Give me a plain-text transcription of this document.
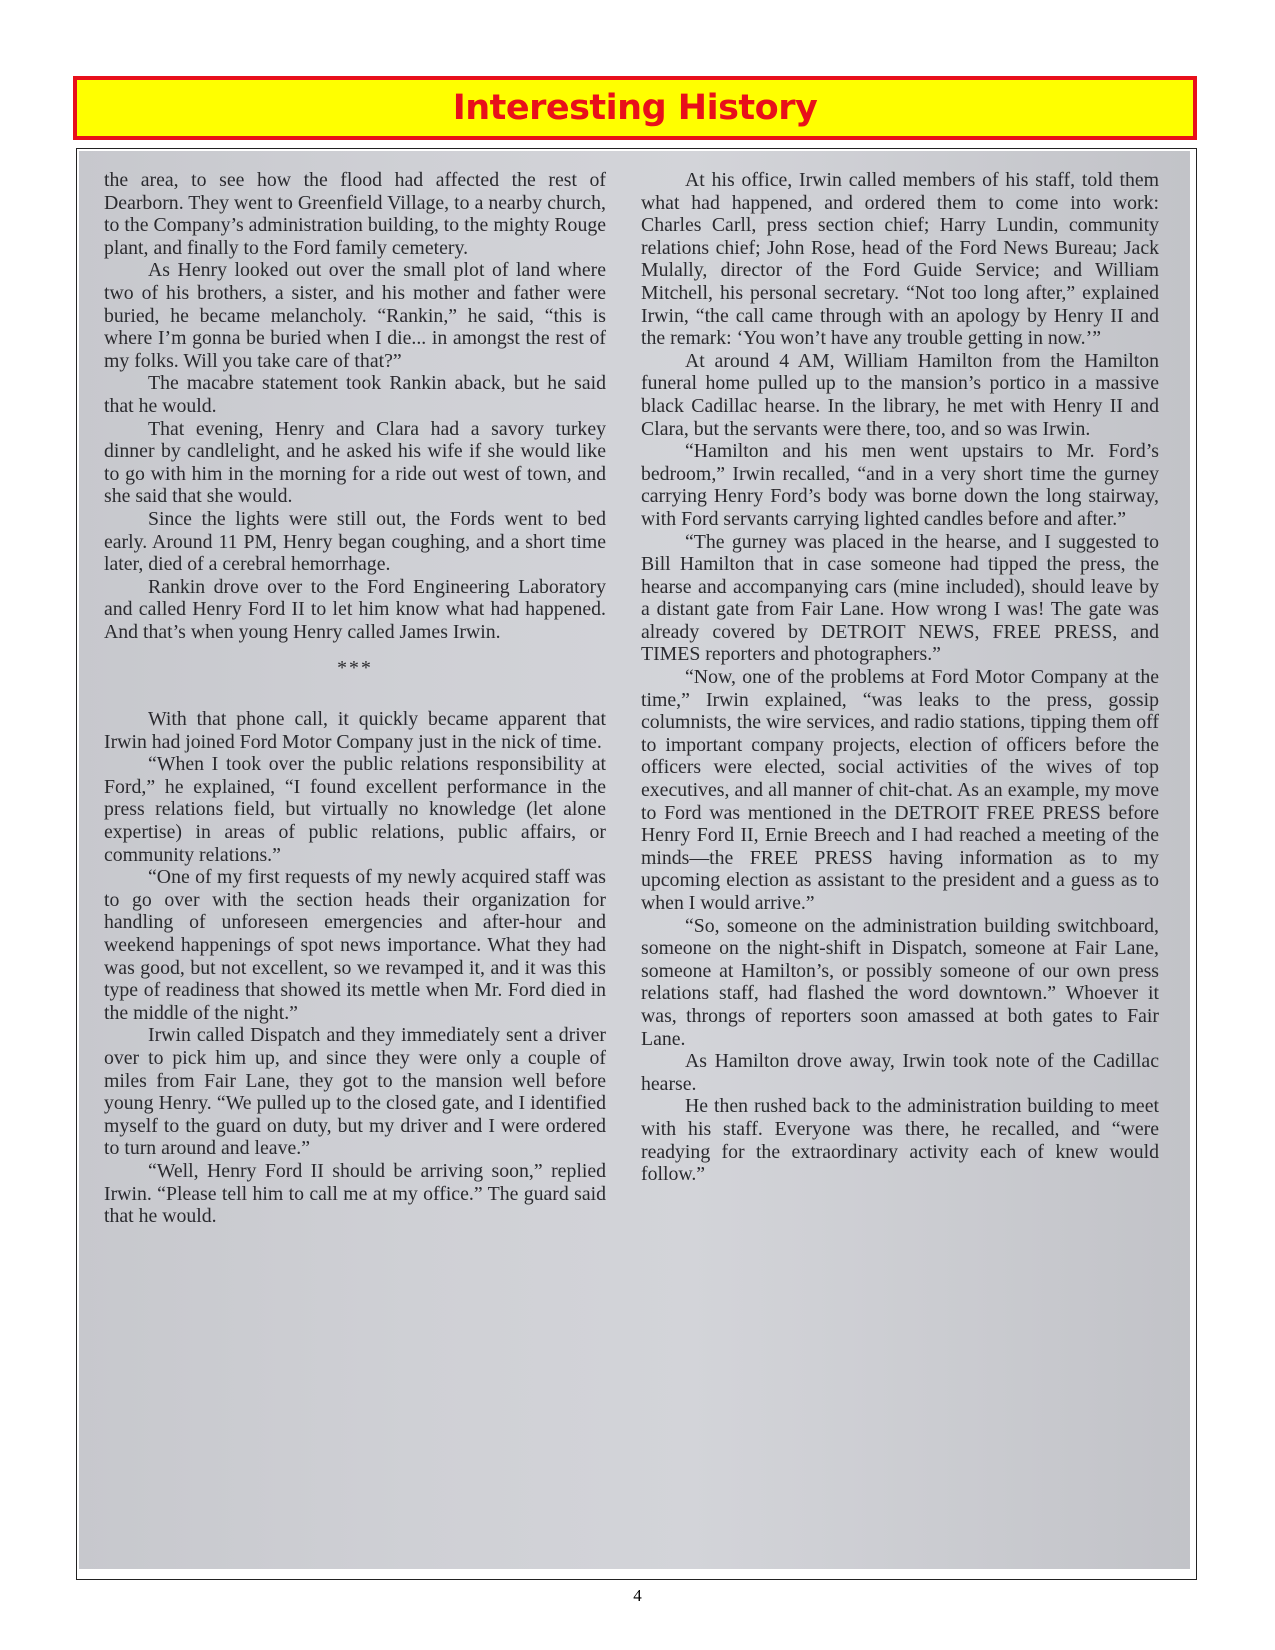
Interesting History

the area, to see how the flood had affected the rest of Dearborn. They went to Greenfield Village, to a nearby church, to the Company’s administration building, to the mighty Rouge plant, and finally to the Ford family cemetery.

As Henry looked out over the small plot of land where two of his brothers, a sister, and his mother and father were buried, he became melancholy. “Rankin,” he said, “this is where I’m gonna be buried when I die... in amongst the rest of my folks. Will you take care of that?”

The macabre statement took Rankin aback, but he said that he would.

That evening, Henry and Clara had a savory turkey dinner by candlelight, and he asked his wife if she would like to go with him in the morning for a ride out west of town, and she said that she would.

Since the lights were still out, the Fords went to bed early. Around 11 PM, Henry began coughing, and a short time later, died of a cerebral hemorrhage.

Rankin drove over to the Ford Engineering Laboratory and called Henry Ford II to let him know what had happened. And that’s when young Henry called James Irwin.

***

With that phone call, it quickly became apparent that Irwin had joined Ford Motor Company just in the nick of time.

“When I took over the public relations responsibility at Ford,” he explained, “I found excellent performance in the press relations field, but virtually no knowledge (let alone expertise) in areas of public relations, public affairs, or community relations.”

“One of my first requests of my newly acquired staff was to go over with the section heads their organization for handling of unforeseen emergencies and after-hour and weekend happenings of spot news importance. What they had was good, but not excellent, so we revamped it, and it was this type of readiness that showed its mettle when Mr. Ford died in the middle of the night.”

Irwin called Dispatch and they immediately sent a driver over to pick him up, and since they were only a couple of miles from Fair Lane, they got to the mansion well before young Henry. “We pulled up to the closed gate, and I identified myself to the guard on duty, but my driver and I were ordered to turn around and leave.”

“Well, Henry Ford II should be arriving soon,” replied Irwin. “Please tell him to call me at my office.” The guard said that he would.

At his office, Irwin called members of his staff, told them what had happened, and ordered them to come into work: Charles Carll, press section chief; Harry Lundin, community relations chief; John Rose, head of the Ford News Bureau; Jack Mulally, director of the Ford Guide Service; and William Mitchell, his personal secretary. “Not too long after,” explained Irwin, “the call came through with an apology by Henry II and the remark: ‘You won’t have any trouble getting in now.’”

At around 4 AM, William Hamilton from the Hamilton funeral home pulled up to the mansion’s portico in a massive black Cadillac hearse. In the library, he met with Henry II and Clara, but the servants were there, too, and so was Irwin.

“Hamilton and his men went upstairs to Mr. Ford’s bedroom,” Irwin recalled, “and in a very short time the gurney carrying Henry Ford’s body was borne down the long stairway, with Ford servants carrying lighted candles before and after.”

“The gurney was placed in the hearse, and I suggested to Bill Hamilton that in case someone had tipped the press, the hearse and accompanying cars (mine included), should leave by a distant gate from Fair Lane. How wrong I was! The gate was already covered by DETROIT NEWS, FREE PRESS, and TIMES reporters and photographers.”

“Now, one of the problems at Ford Motor Company at the time,” Irwin explained, “was leaks to the press, gossip columnists, the wire services, and radio stations, tipping them off to important company projects, election of officers before the officers were elected, social activities of the wives of top executives, and all manner of chit-chat. As an example, my move to Ford was mentioned in the DETROIT FREE PRESS before Henry Ford II, Ernie Breech and I had reached a meeting of the minds—the FREE PRESS having information as to my upcoming election as assistant to the president and a guess as to when I would arrive.”

“So, someone on the administration building switchboard, someone on the night-shift in Dispatch, someone at Fair Lane, someone at Hamilton’s, or possibly someone of our own press relations staff, had flashed the word downtown.” Whoever it was, throngs of reporters soon amassed at both gates to Fair Lane.

As Hamilton drove away, Irwin took note of the Cadillac hearse.

He then rushed back to the administration building to meet with his staff. Everyone was there, he recalled, and “were readying for the extraordinary activity each of knew would follow.”

4
